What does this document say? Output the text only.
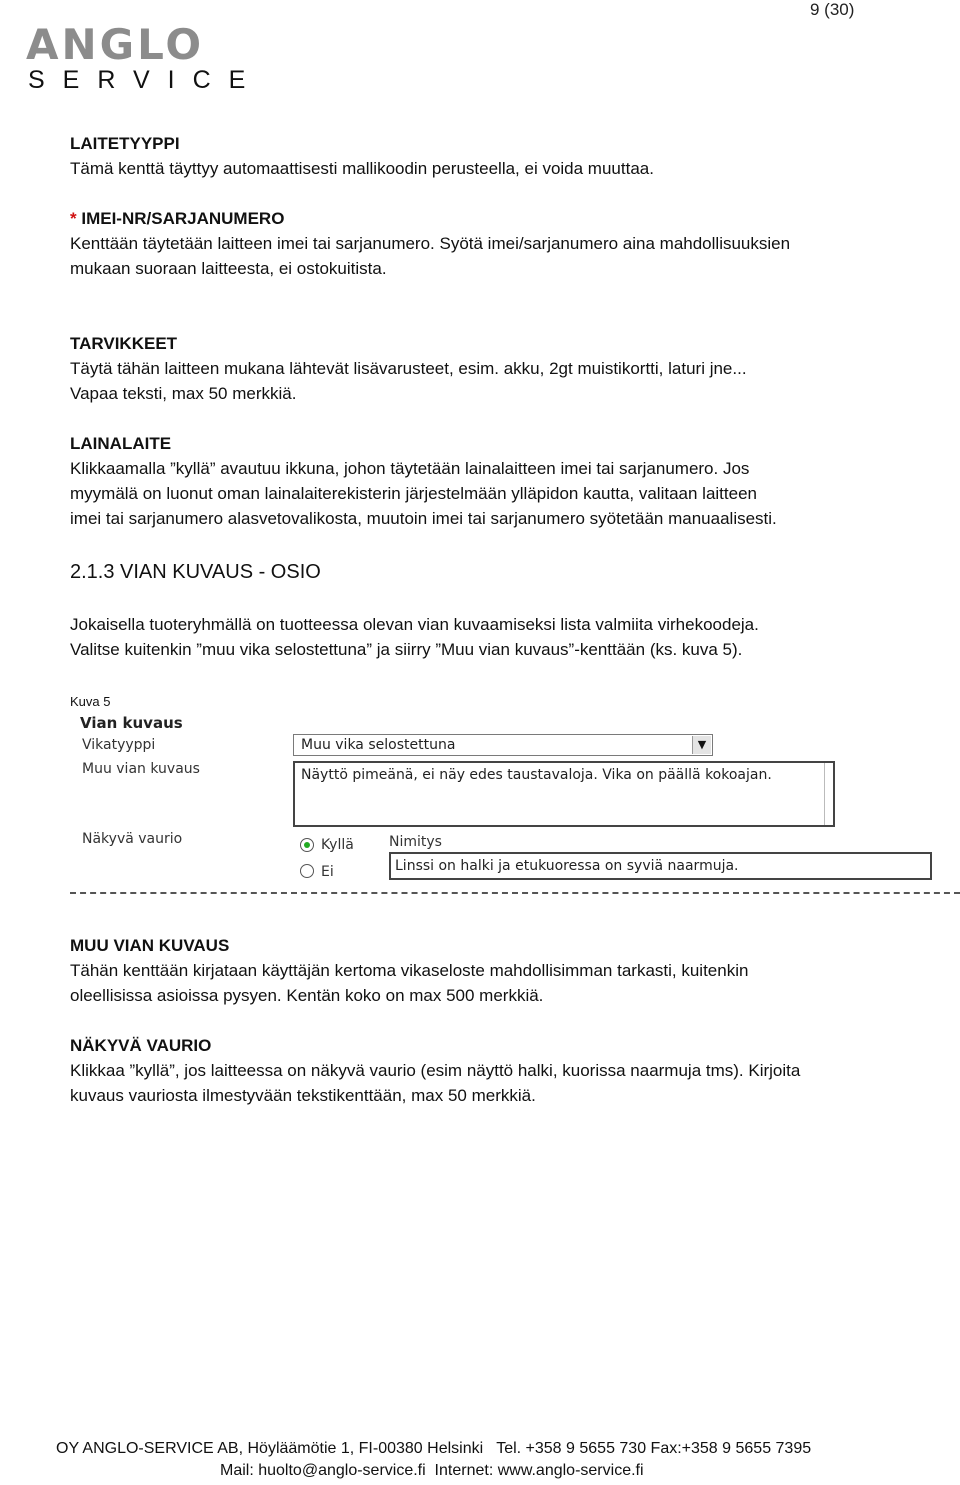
9 (30)
ANGLO
SERVICE
LAITETYYPPI
Tämä kenttä täyttyy automaattisesti mallikoodin perusteella, ei voida muuttaa.
* IMEI-NR/SARJANUMERO
Kenttään täytetään laitteen imei tai sarjanumero. Syötä imei/sarjanumero aina mahdollisuuksien
mukaan suoraan laitteesta, ei ostokuitista.
TARVIKKEET
Täytä tähän laitteen mukana lähtevät lisävarusteet, esim. akku, 2gt muistikortti, laturi jne...
Vapaa teksti, max 50 merkkiä.
LAINALAITE
Klikkaamalla ”kyllä” avautuu ikkuna, johon täytetään lainalaitteen imei tai sarjanumero. Jos
myymälä on luonut oman lainalaiterekisterin järjestelmään ylläpidon kautta, valitaan laitteen
imei tai sarjanumero alasvetovalikosta, muutoin imei tai sarjanumero syötetään manuaalisesti.
2.1.3 VIAN KUVAUS - OSIO
Jokaisella tuoteryhmällä on tuotteessa olevan vian kuvaamiseksi lista valmiita virhekoodeja.
Valitse kuitenkin ”muu vika selostettuna” ja siirry ”Muu vian kuvaus”-kenttään (ks. kuva 5).
Kuva 5
Vian kuvaus
Vikatyyppi
Muu vian kuvaus
Muu vika selostettuna	▼
Näyttö pimeänä, ei näy edes taustavaloja. Vika on päällä kokoajan.
Näkyvä vaurio	Kyllä
Ei
Nimitys
Linssi on halki ja etukuoressa on syviä naarmuja.
MUU VIAN KUVAUS
Tähän kenttään kirjataan käyttäjän kertoma vikaseloste mahdollisimman tarkasti, kuitenkin
oleellisissa asioissa pysyen. Kentän koko on max 500 merkkiä.
NÄKYVÄ VAURIO
Klikkaa ”kyllä”, jos laitteessa on näkyvä vaurio (esim näyttö halki, kuorissa naarmuja tms). Kirjoita
kuvaus vauriosta ilmestyvään tekstikenttään, max 50 merkkiä.
OY ANGLO-SERVICE AB, Höyläämötie 1, FI-00380 Helsinki   Tel. +358 9 5655 730 Fax:+358 9 5655 7395
Mail: huolto@anglo-service.fi  Internet: www.anglo-service.fi
